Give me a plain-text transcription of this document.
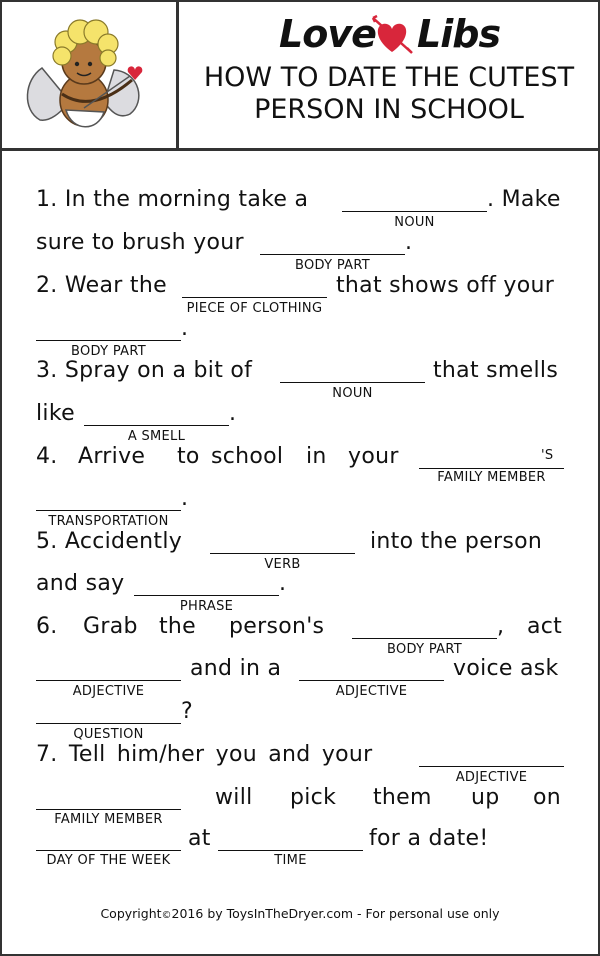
Love Libs
HOW TO DATE THE CUTEST
PERSON IN SCHOOL
1. In the morning take a	. Make
NOUN
sure to brush your	.
BODY PART
2. Wear the	that shows off your
PIECE OF CLOTHING
.
BODY PART
3. Spray on a bit of	that smells
NOUN
like	.
A SMELL
4. Arrive to school in your	'S
FAMILY MEMBER
.
TRANSPORTATION
5. Accidently	into the person
VERB
and say	.
PHRASE
6. Grab the person's	, act
BODY PART
and in a	voice ask
ADJECTIVE	ADJECTIVE
?
QUESTION
7. Tell him/her you and your
ADJECTIVE
will pick them up on
FAMILY MEMBER
at	for a date!
DAY OF THE WEEK	TIME
Copyright©2016 by ToysInTheDryer.com - For personal use only
